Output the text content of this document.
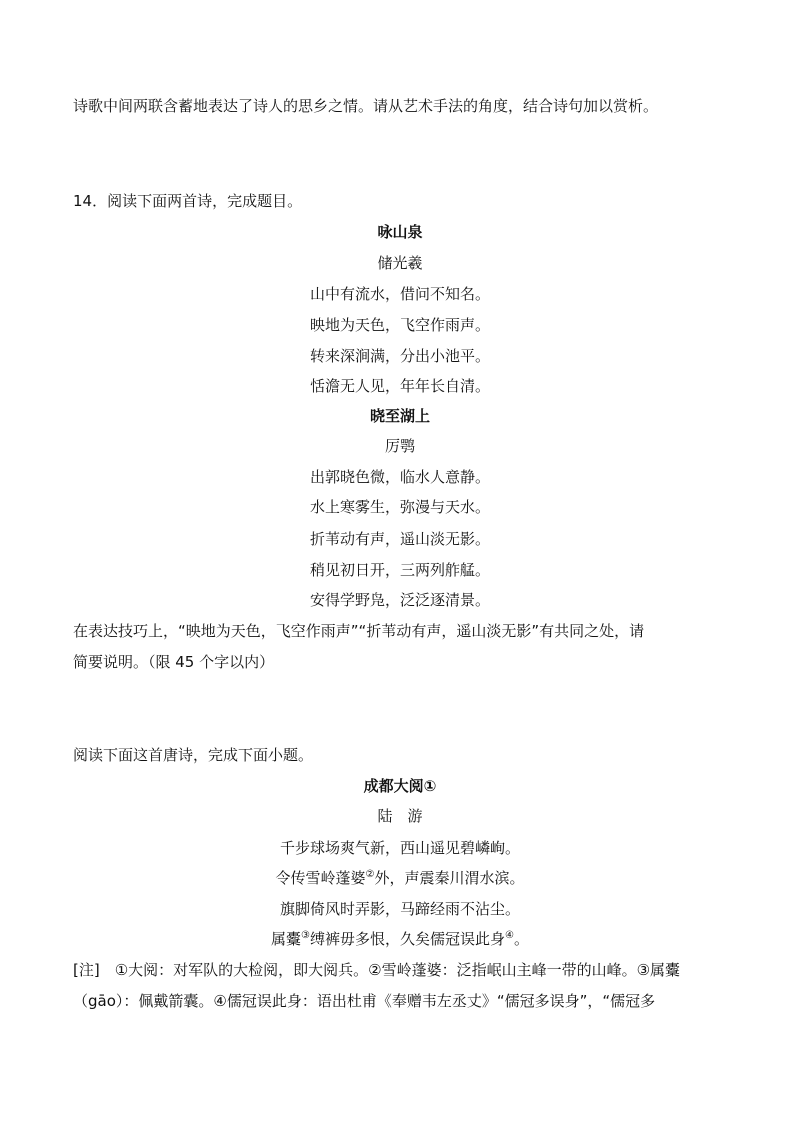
诗歌中间两联含蓄地表达了诗人的思乡之情。请从艺术手法的角度，结合诗句加以赏析。
14．阅读下面两首诗，完成题目。
咏山泉
储光羲
山中有流水，借问不知名。
映地为天色，飞空作雨声。
转来深涧满，分出小池平。
恬澹无人见，年年长自清。
晓至湖上
厉鹗
出郭晓色微，临水人意静。
水上寒雾生，弥漫与天水。
折苇动有声，遥山淡无影。
稍见初日开，三两列舴艋。
安得学野凫，泛泛逐清景。
在表达技巧上，“映地为天色，飞空作雨声”“折苇动有声，遥山淡无影”有共同之处，请
简要说明。（限 45 个字以内）
阅读下面这首唐诗，完成下面小题。
成都大阅①
陆　游
千步球场爽气新，西山遥见碧嶙峋。
令传雪岭蓬婆②外，声震秦川渭水滨。
旗脚倚风时弄影，马蹄经雨不沾尘。
属櫜③缚裤毋多恨，久矣儒冠误此身④。
[注]　①大阅：对军队的大检阅，即大阅兵。②雪岭蓬婆：泛指岷山主峰一带的山峰。③属櫜
（gāo）：佩戴箭囊。④儒冠误此身：语出杜甫《奉赠韦左丞丈》“儒冠多误身”，“儒冠多
